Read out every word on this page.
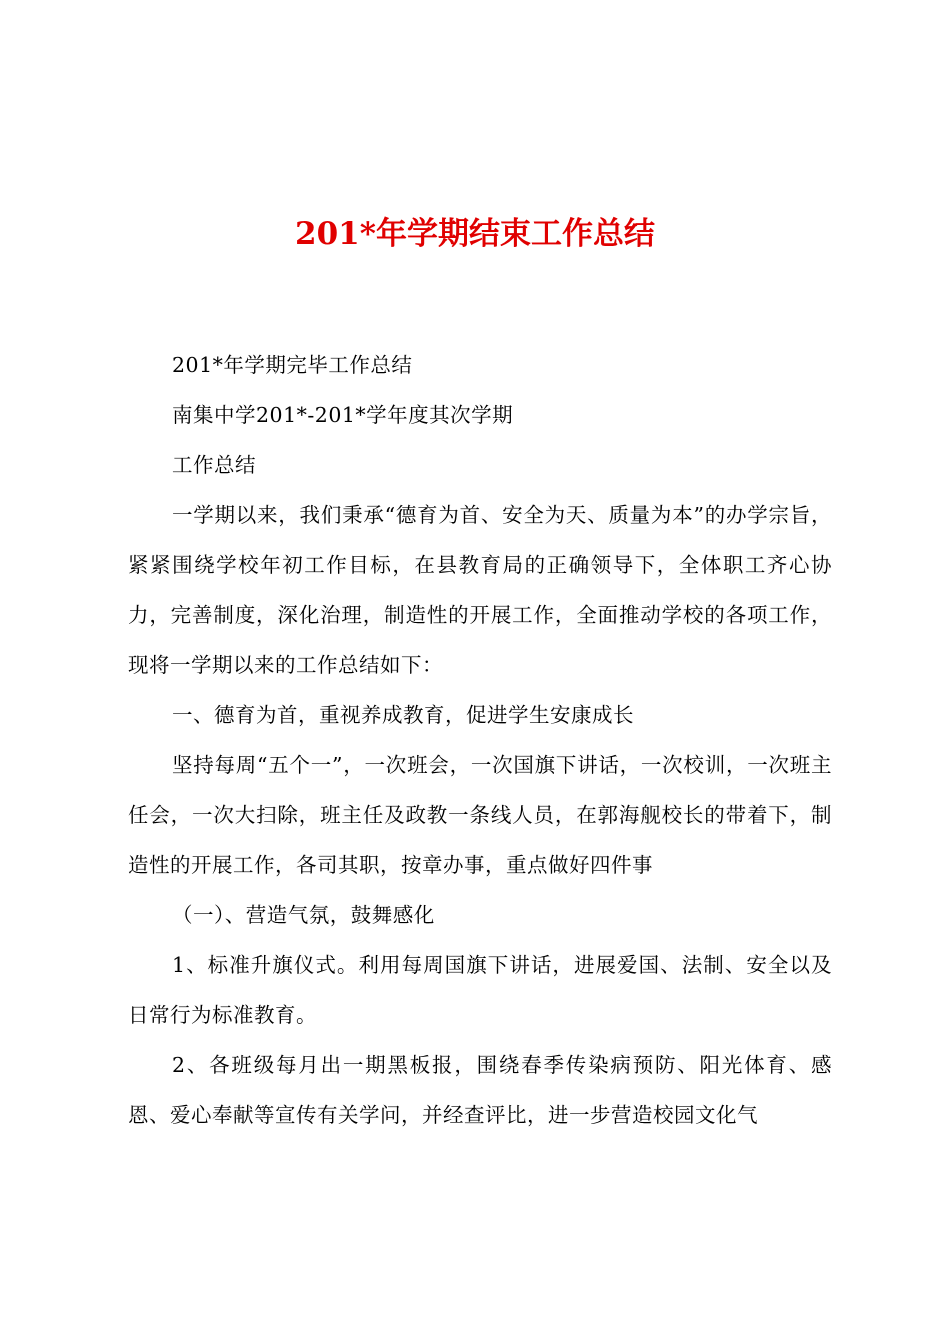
201*年学期结束工作总结

201*年学期完毕工作总结

南集中学201*-201*学年度其次学期

工作总结

一学期以来，我们秉承“德育为首、安全为天、质量为本”的办学宗旨，紧紧围绕学校年初工作目标，在县教育局的正确领导下，全体职工齐心协力，完善制度，深化治理，制造性的开展工作，全面推动学校的各项工作，现将一学期以来的工作总结如下：

一、德育为首，重视养成教育，促进学生安康成长

坚持每周“五个一”，一次班会，一次国旗下讲话，一次校训，一次班主任会，一次大扫除，班主任及政教一条线人员，在郭海舰校长的带着下，制造性的开展工作，各司其职，按章办事，重点做好四件事

（一）、营造气氛，鼓舞感化

1、标准升旗仪式。利用每周国旗下讲话，进展爱国、法制、安全以及日常行为标准教育。

2、各班级每月出一期黑板报，围绕春季传染病预防、阳光体育、感恩、爱心奉献等宣传有关学问，并经查评比，进一步营造校园文化气
